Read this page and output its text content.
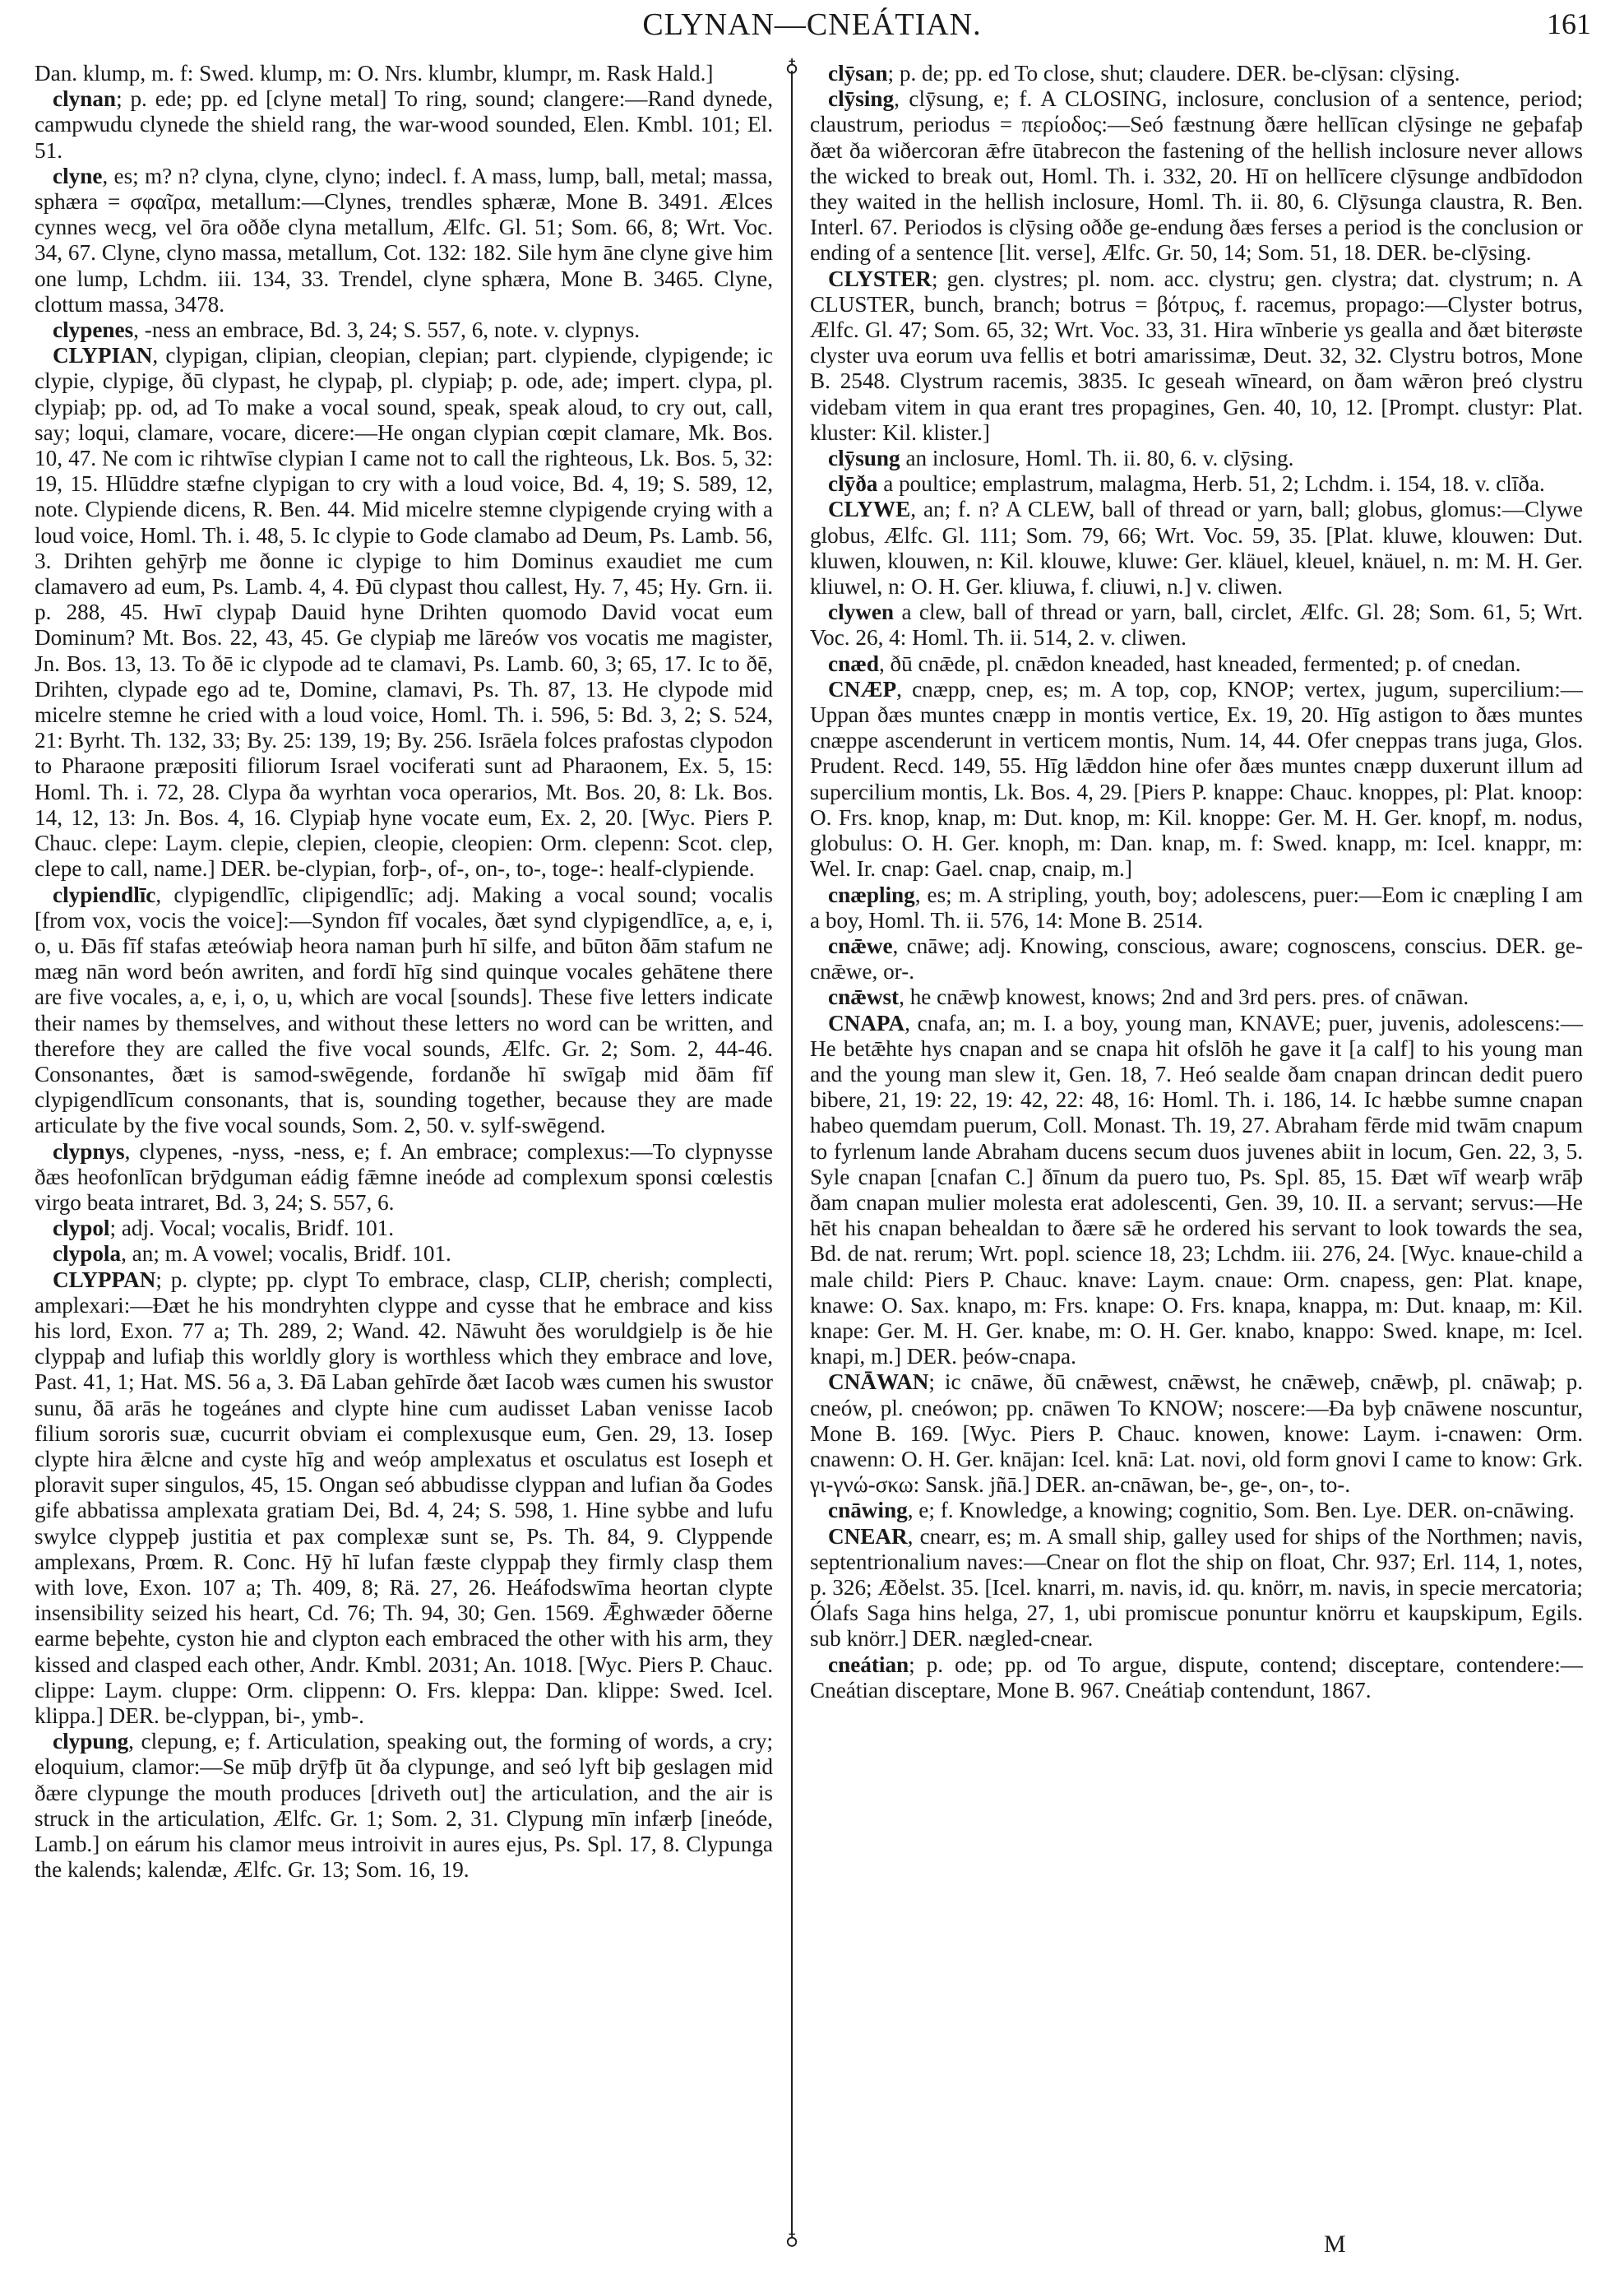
CLYNAN—CNEÁTIAN.	161

Dan. klump, m. f: Swed. klump, m: O. Nrs. klumbr, klumpr, m. Rask Hald.]

clynan; p. ede; pp. ed [clyne metal] To ring, sound; clangere:—Rand dynede, campwudu clynede the shield rang, the war-wood sounded, Elen. Kmbl. 101; El. 51.

clyne, es; m? n? clyna, clyne, clyno; indecl. f. A mass, lump, ball, metal; massa, sphæra = σφαῖρα, metallum:—Clynes, trendles sphæræ, Mone B. 3491. Ælces cynnes wecg, vel ōra oððe clyna metallum, Ælfc. Gl. 51; Som. 66, 8; Wrt. Voc. 34, 67. Clyne, clyno massa, metallum, Cot. 132: 182. Sile hym āne clyne give him one lump, Lchdm. iii. 134, 33. Trendel, clyne sphæra, Mone B. 3465. Clyne, clottum massa, 3478.

clypenes, -ness an embrace, Bd. 3, 24; S. 557, 6, note. v. clypnys.

CLYPIAN, clypigan, clipian, cleopian, clepian; part. clypiende, clypigende; ic clypie, clypige, ðū clypast, he clypaþ, pl. clypiaþ; p. ode, ade; impert. clypa, pl. clypiaþ; pp. od, ad To make a vocal sound, speak, speak aloud, to cry out, call, say; loqui, clamare, vocare, dicere:—He ongan clypian cœpit clamare, Mk. Bos. 10, 47. Ne com ic rihtwīse clypian I came not to call the righteous, Lk. Bos. 5, 32: 19, 15. Hlūddre stæfne clypigan to cry with a loud voice, Bd. 4, 19; S. 589, 12, note. Clypiende dicens, R. Ben. 44. Mid micelre stemne clypigende crying with a loud voice, Homl. Th. i. 48, 5. Ic clypie to Gode clamabo ad Deum, Ps. Lamb. 56, 3. Drihten gehȳrþ me ðonne ic clypige to him Dominus exaudiet me cum clamavero ad eum, Ps. Lamb. 4, 4. Ðū clypast thou callest, Hy. 7, 45; Hy. Grn. ii. p. 288, 45. Hwī clypaþ Dauid hyne Drihten quomodo David vocat eum Dominum? Mt. Bos. 22, 43, 45. Ge clypiaþ me lāreów vos vocatis me magister, Jn. Bos. 13, 13. To ðē ic clypode ad te clamavi, Ps. Lamb. 60, 3; 65, 17. Ic to ðē, Drihten, clypade ego ad te, Domine, clamavi, Ps. Th. 87, 13. He clypode mid micelre stemne he cried with a loud voice, Homl. Th. i. 596, 5: Bd. 3, 2; S. 524, 21: Byrht. Th. 132, 33; By. 25: 139, 19; By. 256. Isrāela folces prafostas clypodon to Pharaone præpositi filiorum Israel vociferati sunt ad Pharaonem, Ex. 5, 15: Homl. Th. i. 72, 28. Clypa ða wyrhtan voca operarios, Mt. Bos. 20, 8: Lk. Bos. 14, 12, 13: Jn. Bos. 4, 16. Clypiaþ hyne vocate eum, Ex. 2, 20. [Wyc. Piers P. Chauc. clepe: Laym. clepie, clepien, cleopie, cleopien: Orm. clepenn: Scot. clep, clepe to call, name.] DER. be-clypian, forþ-, of-, on-, to-, toge-: healf-clypiende.

clypiendlīc, clypigendlīc, clipigendlīc; adj. Making a vocal sound; vocalis [from vox, vocis the voice]:—Syndon fīf vocales, ðæt synd clypigendlīce, a, e, i, o, u. Ðās fīf stafas æteówiaþ heora naman þurh hī silfe, and būton ðām stafum ne mæg nān word beón awriten, and fordī hīg sind quinque vocales gehātene there are five vocales, a, e, i, o, u, which are vocal [sounds]. These five letters indicate their names by themselves, and without these letters no word can be written, and therefore they are called the five vocal sounds, Ælfc. Gr. 2; Som. 2, 44-46. Consonantes, ðæt is samod-swēgende, fordanðe hī swīgaþ mid ðām fīf clypigendlīcum consonants, that is, sounding together, because they are made articulate by the five vocal sounds, Som. 2, 50. v. sylf-swēgend.

clypnys, clypenes, -nyss, -ness, e; f. An embrace; complexus:—To clypnysse ðæs heofonlīcan brȳdguman eádig fǣmne ineóde ad complexum sponsi cœlestis virgo beata intraret, Bd. 3, 24; S. 557, 6.

clypol; adj. Vocal; vocalis, Bridf. 101.

clypola, an; m. A vowel; vocalis, Bridf. 101.

CLYPPAN; p. clypte; pp. clypt To embrace, clasp, CLIP, cherish; complecti, amplexari:—Ðæt he his mondryhten clyppe and cysse that he embrace and kiss his lord, Exon. 77 a; Th. 289, 2; Wand. 42. Nāwuht ðes woruldgielp is ðe hie clyppaþ and lufiaþ this worldly glory is worthless which they embrace and love, Past. 41, 1; Hat. MS. 56 a, 3. Ðā Laban gehīrde ðæt Iacob wæs cumen his swustor sunu, ðā arās he togeánes and clypte hine cum audisset Laban venisse Iacob filium sororis suæ, cucurrit obviam ei complexusque eum, Gen. 29, 13. Iosep clypte hira ǣlcne and cyste hīg and weóp amplexatus et osculatus est Ioseph et ploravit super singulos, 45, 15. Ongan seó abbudisse clyppan and lufian ða Godes gife abbatissa amplexata gratiam Dei, Bd. 4, 24; S. 598, 1. Hine sybbe and lufu swylce clyppeþ justitia et pax complexæ sunt se, Ps. Th. 84, 9. Clyppende amplexans, Prœm. R. Conc. Hȳ hī lufan fæste clyppaþ they firmly clasp them with love, Exon. 107 a; Th. 409, 8; Rä. 27, 26. Heáfodswīma heortan clypte insensibility seized his heart, Cd. 76; Th. 94, 30; Gen. 1569. Ǣghwæder ōðerne earme beþehte, cyston hie and clypton each embraced the other with his arm, they kissed and clasped each other, Andr. Kmbl. 2031; An. 1018. [Wyc. Piers P. Chauc. clippe: Laym. cluppe: Orm. clippenn: O. Frs. kleppa: Dan. klippe: Swed. Icel. klippa.] DER. be-clyppan, bi-, ymb-.

clypung, clepung, e; f. Articulation, speaking out, the forming of words, a cry; eloquium, clamor:—Se mūþ drȳfþ ūt ða clypunge, and seó lyft biþ geslagen mid ðære clypunge the mouth produces [driveth out] the articulation, and the air is struck in the articulation, Ælfc. Gr. 1; Som. 2, 31. Clypung mīn infærþ [ineóde, Lamb.] on eárum his clamor meus introivit in aures ejus, Ps. Spl. 17, 8. Clypunga the kalends; kalendæ, Ælfc. Gr. 13; Som. 16, 19.

♁
♁

clȳsan; p. de; pp. ed To close, shut; claudere. DER. be-clȳsan: clȳsing.

clȳsing, clȳsung, e; f. A CLOSING, inclosure, conclusion of a sentence, period; claustrum, periodus = περίοδος:—Seó fæstnung ðære hellīcan clȳsinge ne geþafaþ ðæt ða wiðercoran ǣfre ūtabrecon the fastening of the hellish inclosure never allows the wicked to break out, Homl. Th. i. 332, 20. Hī on hellīcere clȳsunge andbīdodon they waited in the hellish inclosure, Homl. Th. ii. 80, 6. Clȳsunga claustra, R. Ben. Interl. 67. Periodos is clȳsing oððe ge-endung ðæs ferses a period is the conclusion or ending of a sentence [lit. verse], Ælfc. Gr. 50, 14; Som. 51, 18. DER. be-clȳsing.

CLYSTER; gen. clystres; pl. nom. acc. clystru; gen. clystra; dat. clystrum; n. A CLUSTER, bunch, branch; botrus = βότρυς, f. racemus, propago:—Clyster botrus, Ælfc. Gl. 47; Som. 65, 32; Wrt. Voc. 33, 31. Hira wīnberie ys gealla and ðæt biterøste clyster uva eorum uva fellis et botri amarissimæ, Deut. 32, 32. Clystru botros, Mone B. 2548. Clystrum racemis, 3835. Ic geseah wīneard, on ðam wǣron þreó clystru videbam vitem in qua erant tres propagines, Gen. 40, 10, 12. [Prompt. clustyr: Plat. kluster: Kil. klister.]

clȳsung an inclosure, Homl. Th. ii. 80, 6. v. clȳsing.

clȳða a poultice; emplastrum, malagma, Herb. 51, 2; Lchdm. i. 154, 18. v. clīða.

CLYWE, an; f. n? A CLEW, ball of thread or yarn, ball; globus, glomus:—Clywe globus, Ælfc. Gl. 111; Som. 79, 66; Wrt. Voc. 59, 35. [Plat. kluwe, klouwen: Dut. kluwen, klouwen, n: Kil. klouwe, kluwe: Ger. kläuel, kleuel, knäuel, n. m: M. H. Ger. kliuwel, n: O. H. Ger. kliuwa, f. cliuwi, n.] v. cliwen.

clywen a clew, ball of thread or yarn, ball, circlet, Ælfc. Gl. 28; Som. 61, 5; Wrt. Voc. 26, 4: Homl. Th. ii. 514, 2. v. cliwen.

cnæd, ðū cnǣde, pl. cnǣdon kneaded, hast kneaded, fermented; p. of cnedan.

CNÆP, cnæpp, cnep, es; m. A top, cop, KNOP; vertex, jugum, supercilium:—Uppan ðæs muntes cnæpp in montis vertice, Ex. 19, 20. Hīg astigon to ðæs muntes cnæppe ascenderunt in verticem montis, Num. 14, 44. Ofer cneppas trans juga, Glos. Prudent. Recd. 149, 55. Hīg lǣddon hine ofer ðæs muntes cnæpp duxerunt illum ad supercilium montis, Lk. Bos. 4, 29. [Piers P. knappe: Chauc. knoppes, pl: Plat. knoop: O. Frs. knop, knap, m: Dut. knop, m: Kil. knoppe: Ger. M. H. Ger. knopf, m. nodus, globulus: O. H. Ger. knoph, m: Dan. knap, m. f: Swed. knapp, m: Icel. knappr, m: Wel. Ir. cnap: Gael. cnap, cnaip, m.]

cnæpling, es; m. A stripling, youth, boy; adolescens, puer:—Eom ic cnæpling I am a boy, Homl. Th. ii. 576, 14: Mone B. 2514.

cnǣwe, cnāwe; adj. Knowing, conscious, aware; cognoscens, conscius. DER. ge-cnǣwe, or-.

cnǣwst, he cnǣwþ knowest, knows; 2nd and 3rd pers. pres. of cnāwan.

CNAPA, cnafa, an; m. I. a boy, young man, KNAVE; puer, juvenis, adolescens:—He betǣhte hys cnapan and se cnapa hit ofslōh he gave it [a calf] to his young man and the young man slew it, Gen. 18, 7. Heó sealde ðam cnapan drincan dedit puero bibere, 21, 19: 22, 19: 42, 22: 48, 16: Homl. Th. i. 186, 14. Ic hæbbe sumne cnapan habeo quemdam puerum, Coll. Monast. Th. 19, 27. Abraham fērde mid twām cnapum to fyrlenum lande Abraham ducens secum duos juvenes abiit in locum, Gen. 22, 3, 5. Syle cnapan [cnafan C.] ðīnum da puero tuo, Ps. Spl. 85, 15. Ðæt wīf wearþ wrāþ ðam cnapan mulier molesta erat adolescenti, Gen. 39, 10. II. a servant; servus:—He hēt his cnapan behealdan to ðære sǣ he ordered his servant to look towards the sea, Bd. de nat. rerum; Wrt. popl. science 18, 23; Lchdm. iii. 276, 24. [Wyc. knaue-child a male child: Piers P. Chauc. knave: Laym. cnaue: Orm. cnapess, gen: Plat. knape, knawe: O. Sax. knapo, m: Frs. knape: O. Frs. knapa, knappa, m: Dut. knaap, m: Kil. knape: Ger. M. H. Ger. knabe, m: O. H. Ger. knabo, knappo: Swed. knape, m: Icel. knapi, m.] DER. þeów-cnapa.

CNĀWAN; ic cnāwe, ðū cnǣwest, cnǣwst, he cnǣweþ, cnǣwþ, pl. cnāwaþ; p. cneów, pl. cneówon; pp. cnāwen To KNOW; noscere:—Ða byþ cnāwene noscuntur, Mone B. 169. [Wyc. Piers P. Chauc. knowen, knowe: Laym. i-cnawen: Orm. cnawenn: O. H. Ger. knājan: Icel. knā: Lat. novi, old form gnovi I came to know: Grk. γι-γνώ-σκω: Sansk. jñā.] DER. an-cnāwan, be-, ge-, on-, to-.

cnāwing, e; f. Knowledge, a knowing; cognitio, Som. Ben. Lye. DER. on-cnāwing.

CNEAR, cnearr, es; m. A small ship, galley used for ships of the Northmen; navis, septentrionalium naves:—Cnear on flot the ship on float, Chr. 937; Erl. 114, 1, notes, p. 326; Æðelst. 35. [Icel. knarri, m. navis, id. qu. knörr, m. navis, in specie mercatoria; Ólafs Saga hins helga, 27, 1, ubi promiscue ponuntur knörru et kaupskipum, Egils. sub knörr.] DER. nægled-cnear.

cneátian; p. ode; pp. od To argue, dispute, contend; disceptare, contendere:—Cneátian disceptare, Mone B. 967. Cneátiaþ contendunt, 1867.

M
